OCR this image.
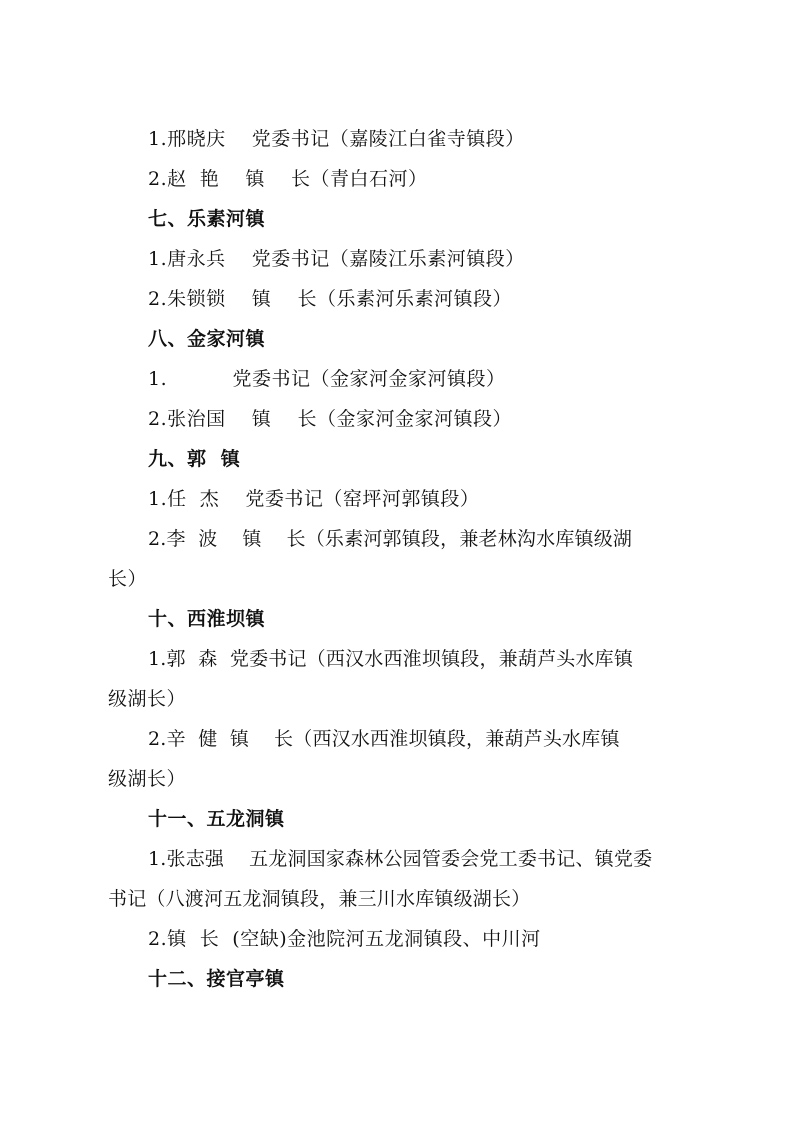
1.邢晓庆    党委书记（嘉陵江白雀寺镇段）
2.赵  艳    镇    长（青白石河）
七、乐素河镇
1.唐永兵    党委书记（嘉陵江乐素河镇段）
2.朱锁锁    镇    长（乐素河乐素河镇段）
八、金家河镇
1.          党委书记（金家河金家河镇段）
2.张治国    镇    长（金家河金家河镇段）
九、郭  镇
1.任  杰    党委书记（窑坪河郭镇段）
2.李  波    镇    长（乐素河郭镇段，兼老林沟水库镇级湖
长）
十、西淮坝镇
1.郭  森  党委书记（西汉水西淮坝镇段，兼葫芦头水库镇
级湖长）
2.辛  健  镇    长（西汉水西淮坝镇段，兼葫芦头水库镇
级湖长）
十一、五龙洞镇
1.张志强    五龙洞国家森林公园管委会党工委书记、镇党委
书记（八渡河五龙洞镇段，兼三川水库镇级湖长）
2.镇  长  (空缺)金池院河五龙洞镇段、中川河
十二、接官亭镇
